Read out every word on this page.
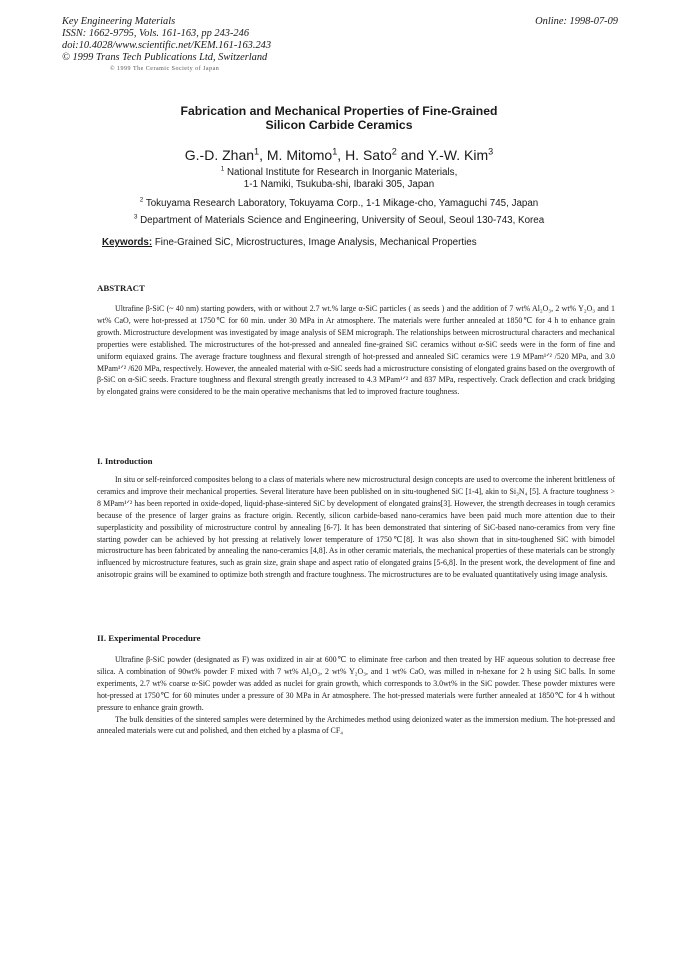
Key Engineering Materials
ISSN: 1662-9795, Vols. 161-163, pp 243-246
doi:10.4028/www.scientific.net/KEM.161-163.243
© 1999 Trans Tech Publications Ltd, Switzerland
Online: 1998-07-09
© 1999 The Ceramic Society of Japan
Fabrication and Mechanical Properties of Fine-Grained
Silicon Carbide Ceramics
G.-D. Zhan$^1$, M. Mitomo$^1$, H. Sato$^2$ and Y.-W. Kim$^3$
$^1$ National Institute for Research in Inorganic Materials,
1-1 Namiki, Tsukuba-shi, Ibaraki 305, Japan
$^2$ Tokuyama Research Laboratory, Tokuyama Corp., 1-1 Mikage-cho, Yamaguchi 745, Japan
$^3$ Department of Materials Science and Engineering, University of Seoul, Seoul 130-743, Korea
Keywords: Fine-Grained SiC, Microstructures, Image Analysis, Mechanical Properties
ABSTRACT

Ultrafine β-SiC (~ 40 nm) starting powders, with or without 2.7 wt.% large α-SiC particles ( as seeds ) and the addition of 7 wt% Al₂O₃, 2 wt% Y₂O₃ and 1 wt% CaO, were hot-pressed at 1750℃ for 60 min. under 30 MPa in Ar atmosphere. The materials were further annealed at 1850℃ for 4 h to enhance grain growth. Microstructure development was investigated by image analysis of SEM micrograph. The relationships between microstructural characters and mechanical properties were established. The microstructures of the hot-pressed and annealed fine-grained SiC ceramics without α-SiC seeds were in the form of fine and uniform equiaxed grains. The average fracture toughness and flexural strength of hot-pressed and annealed SiC ceramics were 1.9 MPam¹ᐟ² /520 MPa, and 3.0 MPam¹ᐟ² /620 MPa, respectively. However, the annealed material with α-SiC seeds had a microstructure consisting of elongated grains based on the overgrowth of β-SiC on α-SiC seeds. Fracture toughness and flexural strength greatly increased to 4.3 MPam¹ᐟ² and 837 MPa, respectively. Crack deflection and crack bridging by elongated grains were considered to be the main operative mechanisms that led to improved fracture toughness.

I. Introduction

In situ or self-reinforced composites belong to a class of materials where new microstructural design concepts are used to overcome the inherent brittleness of ceramics and improve their mechanical properties. Several literature have been published on in situ-toughened SiC [1-4], akin to Si₃N₄ [5]. A fracture toughness > 8 MPam¹ᐟ² has been reported in oxide-doped, liquid-phase-sintered SiC by development of elongated grains[3]. However, the strength decreases in tough ceramics because of the presence of larger grains as fracture origin. Recently, silicon carbide-based nano-ceramics have been paid much more attention due to their superplasticity and possibility of microstructure control by annealing [6-7]. It has been demonstrated that sintering of SiC-based nano-ceramics from very fine starting powder can be achieved by hot pressing at relatively lower temperature of 1750℃[8]. It was also shown that in situ-toughened SiC with bimodel microstructure has been fabricated by annealing the nano-ceramics [4,8]. As in other ceramic materials, the mechanical properties of these materials can be strongly influenced by microstructure features, such as grain size, grain shape and aspect ratio of elongated grains [5-6,8]. In the present work, the development of fine and anisotropic grains will be examined to optimize both strength and fracture toughness. The microstructures are to be evaluated quantitatively using image analysis.

II. Experimental Procedure

Ultrafine β-SiC powder (designated as F) was oxidized in air at 600℃ to eliminate free carbon and then treated by HF aqueous solution to decrease free silica. A combination of 90wt% powder F mixed with 7 wt% Al₂O₃, 2 wt% Y₂O₃, and 1 wt% CaO, was milled in n-hexane for 2 h using SiC balls. In some experiments, 2.7 wt% coarse α-SiC powder was added as nuclei for grain growth, which corresponds to 3.0wt% in the SiC powder. These powder mixtures were hot-pressed at 1750℃ for 60 minutes under a pressure of 30 MPa in Ar atmosphere. The hot-pressed materials were further annealed at 1850℃ for 4 h without pressure to enhance grain growth.

The bulk densities of the sintered samples were determined by the Archimedes method using deionized water as the immersion medium. The hot-pressed and annealed materials were cut and polished, and then etched by a plasma of CF₄
